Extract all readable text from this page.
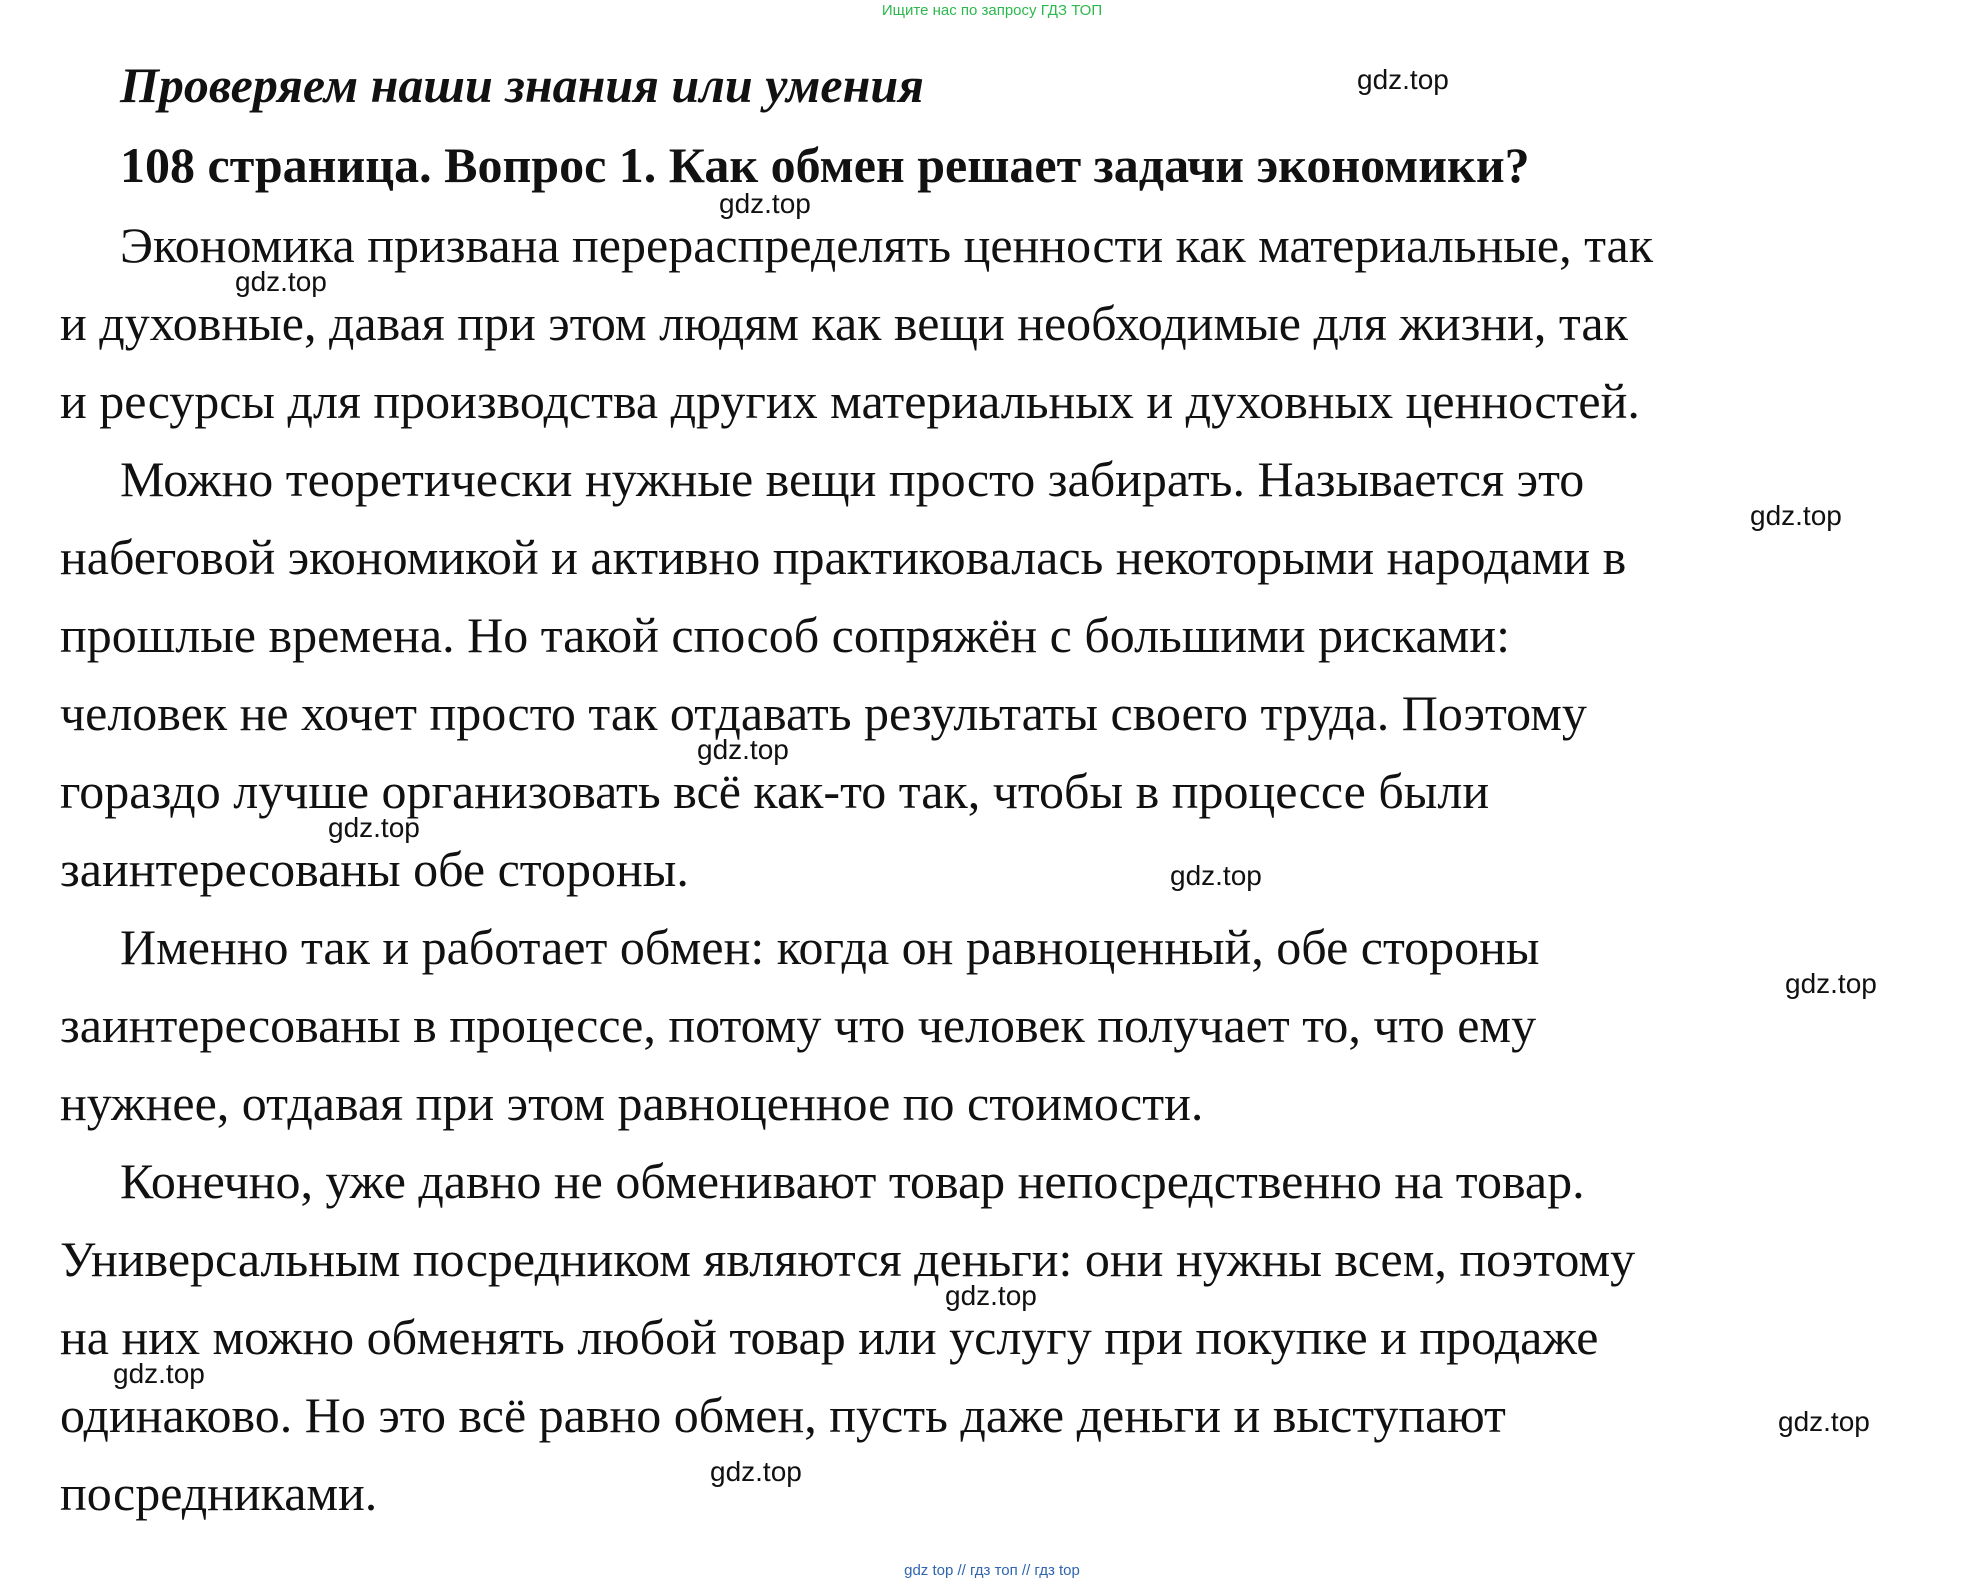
Ищите нас по запросу ГДЗ ТОП
Проверяем наши знания или умения
108 страница. Вопрос 1. Как обмен решает задачи экономики?
Экономика призвана перераспределять ценности как материальные, так
и духовные, давая при этом людям как вещи необходимые для жизни, так
и ресурсы для производства других материальных и духовных ценностей.
Можно теоретически нужные вещи просто забирать. Называется это
набеговой экономикой и активно практиковалась некоторыми народами в
прошлые времена. Но такой способ сопряжён с большими рисками:
человек не хочет просто так отдавать результаты своего труда. Поэтому
гораздо лучше организовать всё как-то так, чтобы в процессе были
заинтересованы обе стороны.
Именно так и работает обмен: когда он равноценный, обе стороны
заинтересованы в процессе, потому что человек получает то, что ему
нужнее, отдавая при этом равноценное по стоимости.
Конечно, уже давно не обменивают товар непосредственно на товар.
Универсальным посредником являются деньги: они нужны всем, поэтому
на них можно обменять любой товар или услугу при покупке и продаже
одинаково. Но это всё равно обмен, пусть даже деньги и выступают
посредниками.
gdz.top
gdz.top
gdz.top
gdz.top
gdz.top
gdz.top
gdz.top
gdz.top
gdz.top
gdz.top
gdz.top
gdz.top
gdz top // гдз топ // гдз top
